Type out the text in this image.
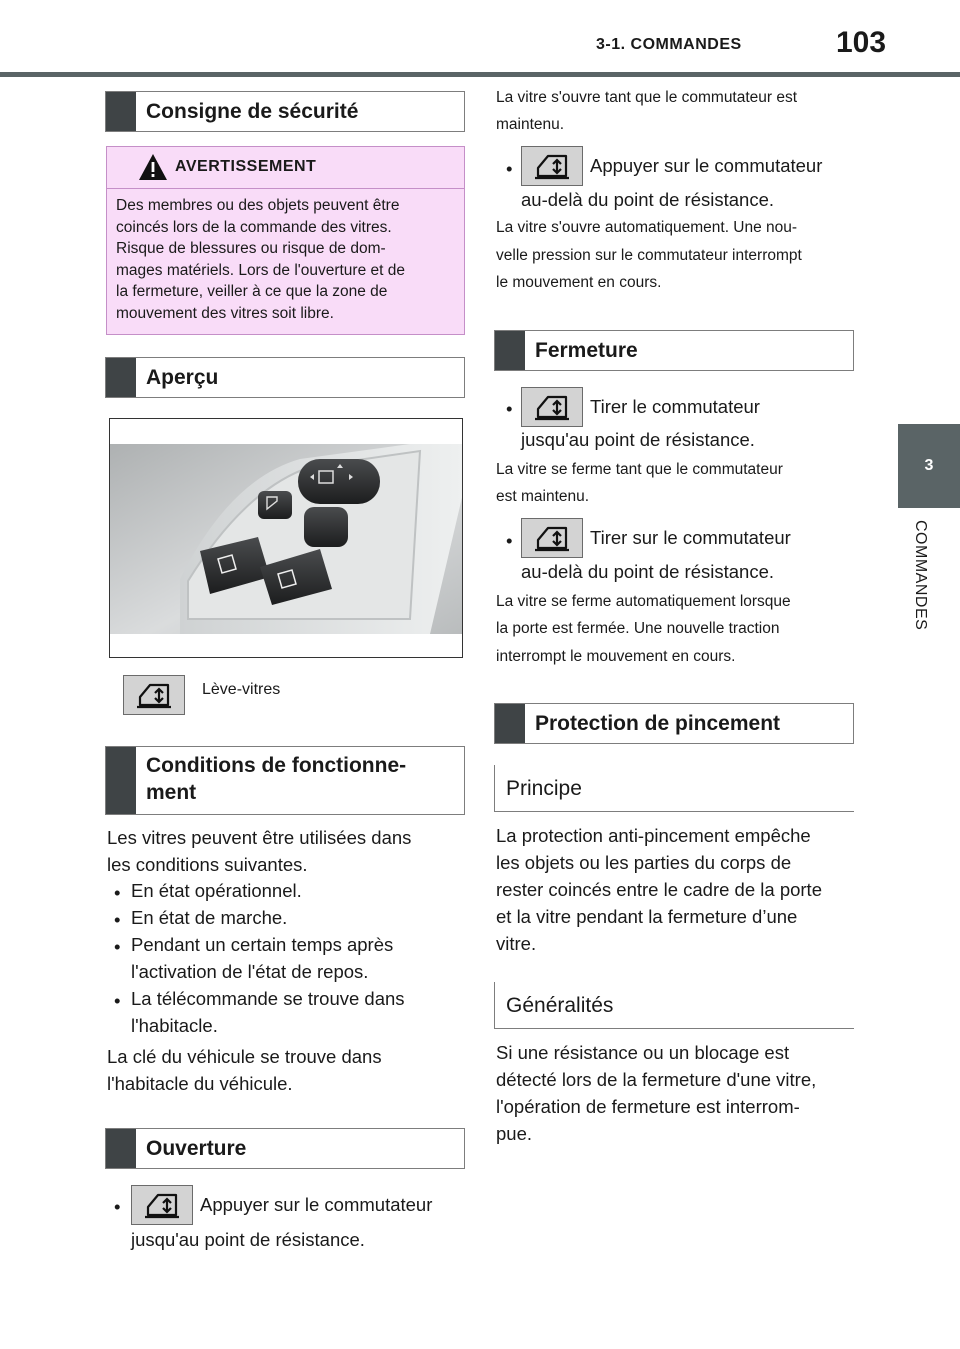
3-1. COMMANDES	103
3
COMMANDES
Consigne de sécurité
AVERTISSEMENT
Des membres ou des objets peuvent être
coincés lors de la commande des vitres.
Risque de blessures ou risque de dom-
mages matériels. Lors de l'ouverture et de
la fermeture, veiller à ce que la zone de
mouvement des vitres soit libre.
Aperçu
Lève-vitres
Conditions de fonctionne-
ment
Les vitres peuvent être utilisées dans
les conditions suivantes.
• En état opérationnel.
• En état de marche.
• Pendant un certain temps après
l'activation de l'état de repos.
• La télécommande se trouve dans
l'habitacle.
La clé du véhicule se trouve dans
l'habitacle du véhicule.
Ouverture
•	Appuyer sur le commutateur
jusqu'au point de résistance.
La vitre s'ouvre tant que le commutateur est
maintenu.
•	Appuyer sur le commutateur
au-delà du point de résistance.
La vitre s'ouvre automatiquement. Une nou-
velle pression sur le commutateur interrompt
le mouvement en cours.
Fermeture
•	Tirer le commutateur
jusqu'au point de résistance.
La vitre se ferme tant que le commutateur
est maintenu.
•	Tirer sur le commutateur
au-delà du point de résistance.
La vitre se ferme automatiquement lorsque
la porte est fermée. Une nouvelle traction
interrompt le mouvement en cours.
Protection de pincement
Principe
La protection anti-pincement empêche
les objets ou les parties du corps de
rester coincés entre le cadre de la porte
et la vitre pendant la fermeture d’une
vitre.
Généralités
Si une résistance ou un blocage est
détecté lors de la fermeture d'une vitre,
l'opération de fermeture est interrom-
pue.
